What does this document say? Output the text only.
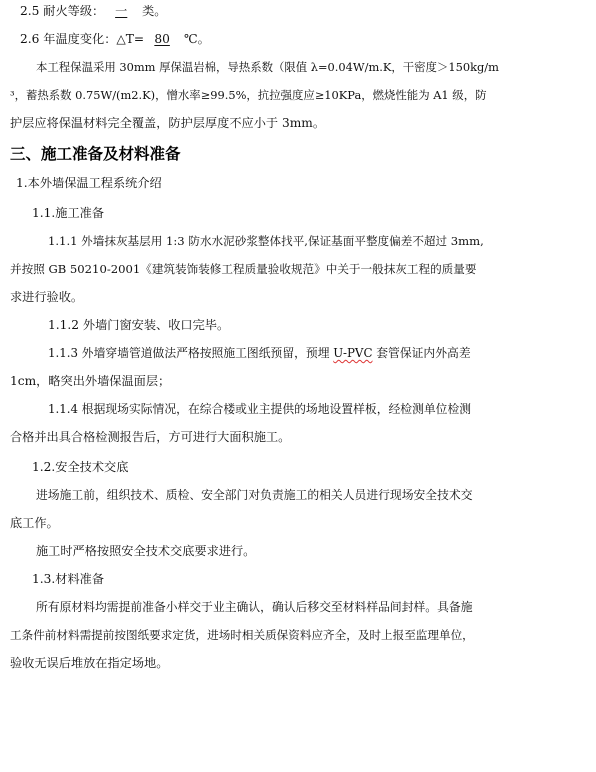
2.5 耐火等级： 一 类。
2.6 年温度变化：△T= 80 ℃。
本工程保温采用 30mm 厚保温岩棉，导热系数（限值 λ=0.04W/m.K，干密度＞150kg/m
³，蓄热系数 0.75W/(m2.K)，憎水率≥99.5%，抗拉强度应≥10KPa，燃烧性能为 A1 级，防
护层应将保温材料完全覆盖，防护层厚度不应小于 3mm。
三、施工准备及材料准备
1.本外墙保温工程系统介绍
1.1.施工准备
1.1.1 外墙抹灰基层用 1:3 防水水泥砂浆整体找平,保证基面平整度偏差不超过 3mm,
并按照 GB 50210-2001《建筑装饰装修工程质量验收规范》中关于一般抹灰工程的质量要
求进行验收。
1.1.2 外墙门窗安装、收口完毕。
1.1.3 外墙穿墙管道做法严格按照施工图纸预留，预埋 U-PVC 套管保证内外高差
1cm，略突出外墙保温面层；
1.1.4 根据现场实际情况，在综合楼或业主提供的场地设置样板，经检测单位检测
合格并出具合格检测报告后，方可进行大面积施工。
1.2.安全技术交底
进场施工前，组织技术、质检、安全部门对负责施工的相关人员进行现场安全技术交
底工作。
施工时严格按照安全技术交底要求进行。
1.3.材料准备
所有原材料均需提前准备小样交于业主确认，确认后移交至材料样品间封样。具备施
工条件前材料需提前按图纸要求定货，进场时相关质保资料应齐全，及时上报至监理单位，
验收无误后堆放在指定场地。
